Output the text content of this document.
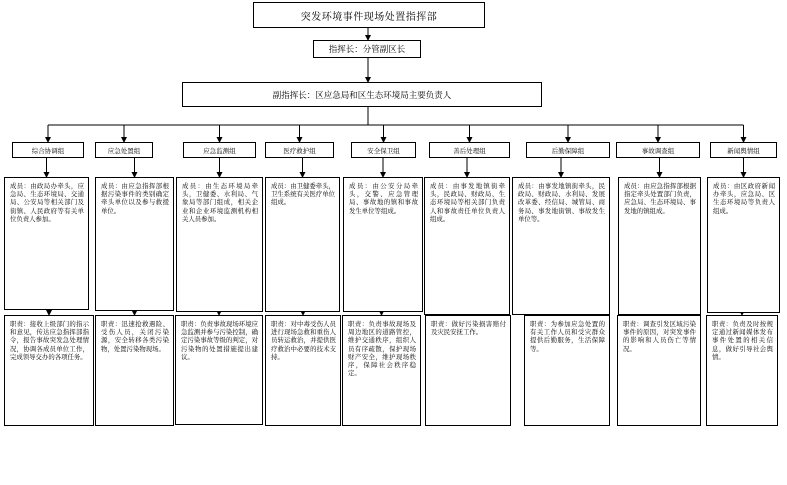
突发环境事件现场处置指挥部
指挥长：分管副区长
副指挥长：区应急局和区生态环境局主要负责人
综合协调组
成员：由政局办牵头，应急局、生态环境局、交通局、公安局等相关部门及街镇、人民政府等有关单位负责人参加。
职责：接收上级部门的指示和意见，传达应急指挥部指令，报告事故突发急处理情况，协调各成员单位工作，完成领导交办的各项任务。
应急处置组
成员：由应急指挥部根据污染事件的类别确定牵头单位以及参与救援单位。
职责：迅速抢救遇险、受伤人员，关闭污染源，安全转移各类污染物，处置污染物现场。
应急监测组
成员：由生态环境局牵头，卫健委、水利局、气象局等部门组成，相关企业和企业环境监测机构相关人员参加。
职责：负责事故现场环境应急监测并参与污染控制，确定污染事故等级的判定，对污染物的处置措施提出建议。
医疗救护组
成员：由卫健委牵头，卫生系统有关医疗单位组成。
职责：对中毒受伤人员进行现场急救和重伤人员转运救治，并提供医疗救治中必要的技术支持。
安全保卫组
成员：由公安分局牵头，交警、应急管理局、事故地的镇和事故发生单位等组成。
职责：负责事故现场及周边地区的道路管控，维护交通秩序，组织人员有序疏散，保护现场财产安全，维护现场秩序，保障社会秩序稳定。
善后处理组
成员：由事发地镇街牵头，民政局、财政局、生态环境局等相关部门负责人和事故责任单位负责人组成。
职责：做好污染损害赔付及灾民安抚工作。
后勤保障组
成员：由事发地镇街牵头，民政局、财政局、水利局、发展改革委、经信局、城管局、商务局、事发地街镇、事故发生单位等。
职责：为参加应急处置的有关工作人员和受灾群众提供后勤服务，生活保障等。
事故调查组
成员：由应急指挥部根据指定牵头处置部门负责，应急局、生态环境局、事发地的镇组成。
职责：调查引发区域污染事件的原因，对突发事件的影响和人员伤亡等情况。
新闻舆情组
成员：由区政府新闻办牵头，应急局、区生态环境局等负责人组成。
职责：负责及时按规定通过新闻媒体发布事件处置的相关信息，做好引导社会舆情。
